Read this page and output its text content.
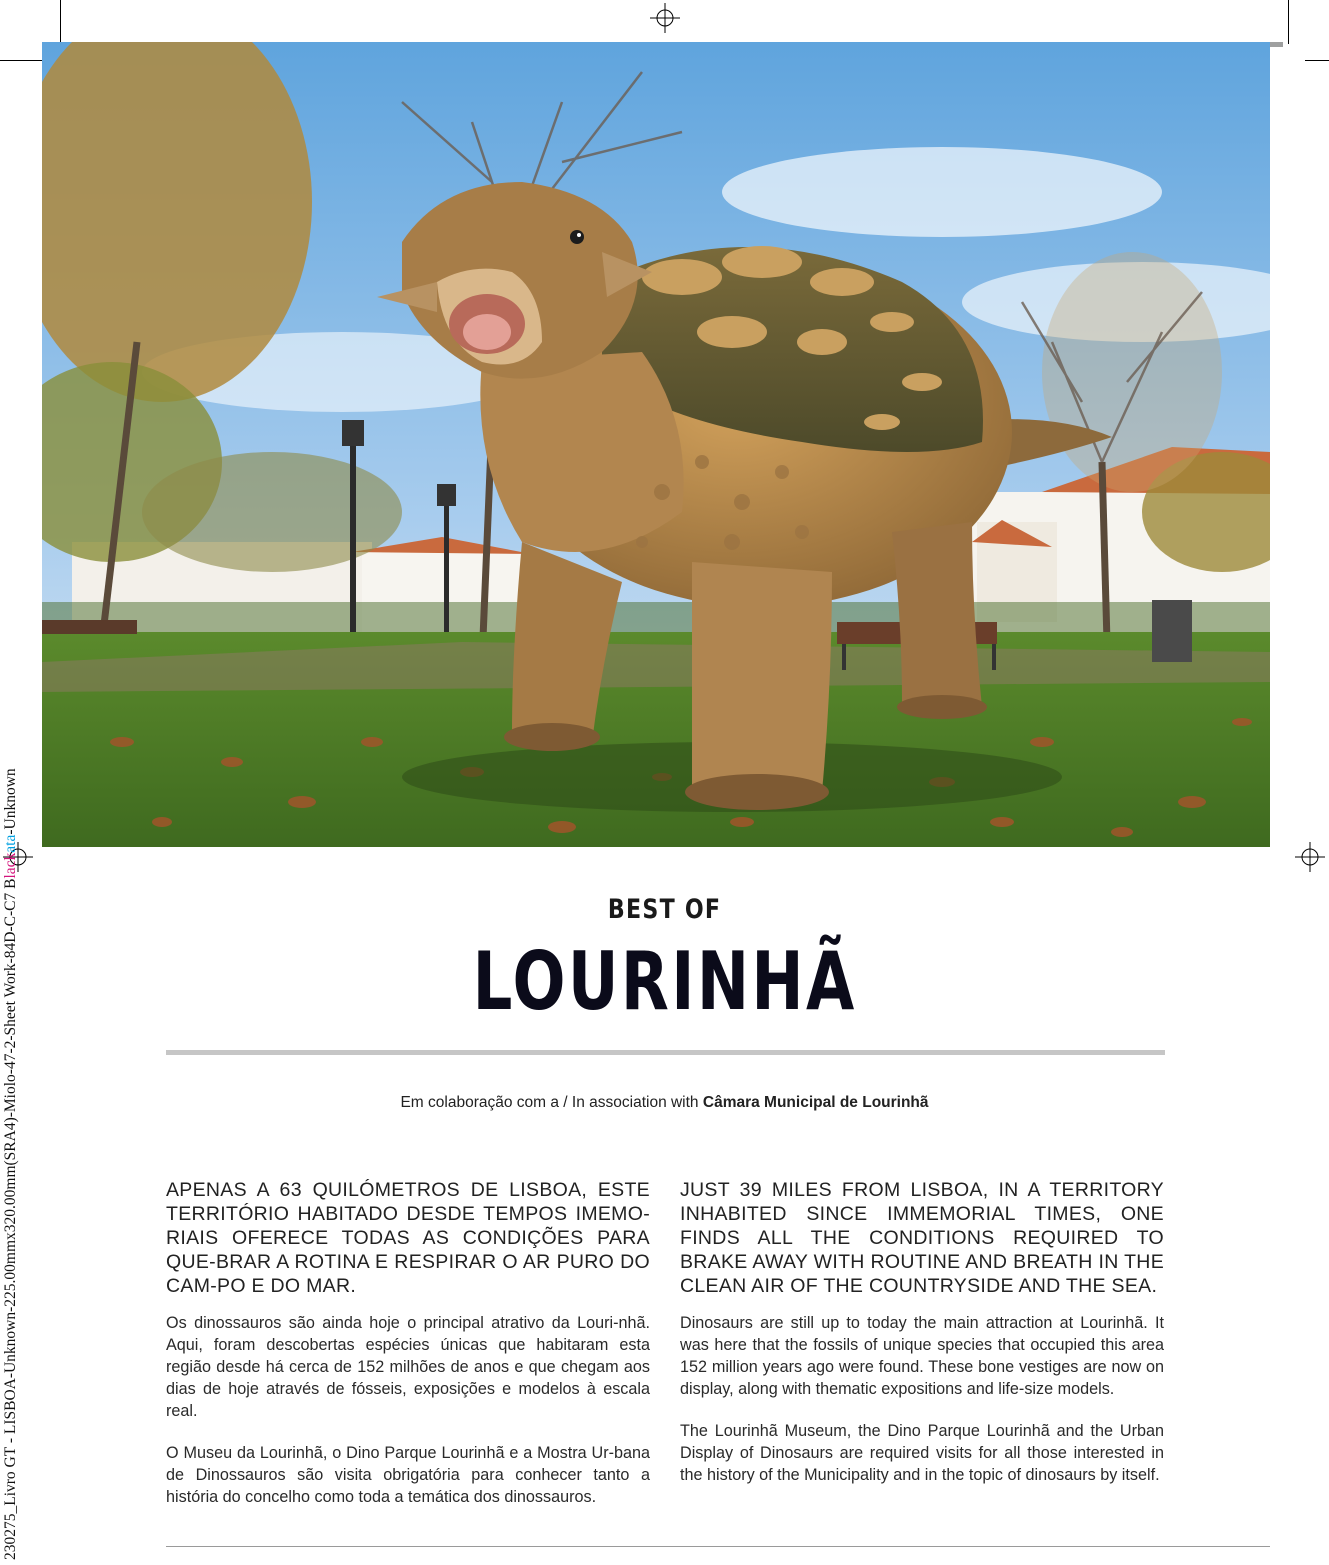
230275_Livro GT - LISBOA-Unknown-225.00mmx320.00mm(SRA4)-Miolo-47-2-Sheet Work-84D-C-C7 Blackata-Unknown
BEST OF
LOURINHÃ
Em colaboração com a / In association with Câmara Municipal de Lourinhã

APENAS A 63 QUILÓMETROS DE LISBOA, ESTE TERRITÓRIO HABITADO DESDE TEMPOS IMEMO-RIAIS OFERECE TODAS AS CONDIÇÕES PARA QUE-BRAR A ROTINA E RESPIRAR O AR PURO DO CAM-PO E DO MAR.

Os dinossauros são ainda hoje o principal atrativo da Louri-nhã. Aqui, foram descobertas espécies únicas que habitaram esta região desde há cerca de 152 milhões de anos e que chegam aos dias de hoje através de fósseis, exposições e modelos à escala real.

O Museu da Lourinhã, o Dino Parque Lourinhã e a Mostra Ur-bana de Dinossauros são visita obrigatória para conhecer tanto a história do concelho como toda a temática dos dinossauros.

JUST 39 MILES FROM LISBOA, IN A TERRITORY INHABITED SINCE IMMEMORIAL TIMES, ONE FINDS ALL THE CONDITIONS REQUIRED TO BRAKE AWAY WITH ROUTINE AND BREATH IN THE CLEAN AIR OF THE COUNTRYSIDE AND THE SEA.

Dinosaurs are still up to today the main attraction at Lourinhã. It was here that the fossils of unique species that occupied this area 152 million years ago were found. These bone vestiges are now on display, along with thematic expositions and life-size models.

The Lourinhã Museum, the Dino Parque Lourinhã and the Urban Display of Dinosaurs are required visits for all those interested in the history of the Municipality and in the topic of dinosaurs by itself.
